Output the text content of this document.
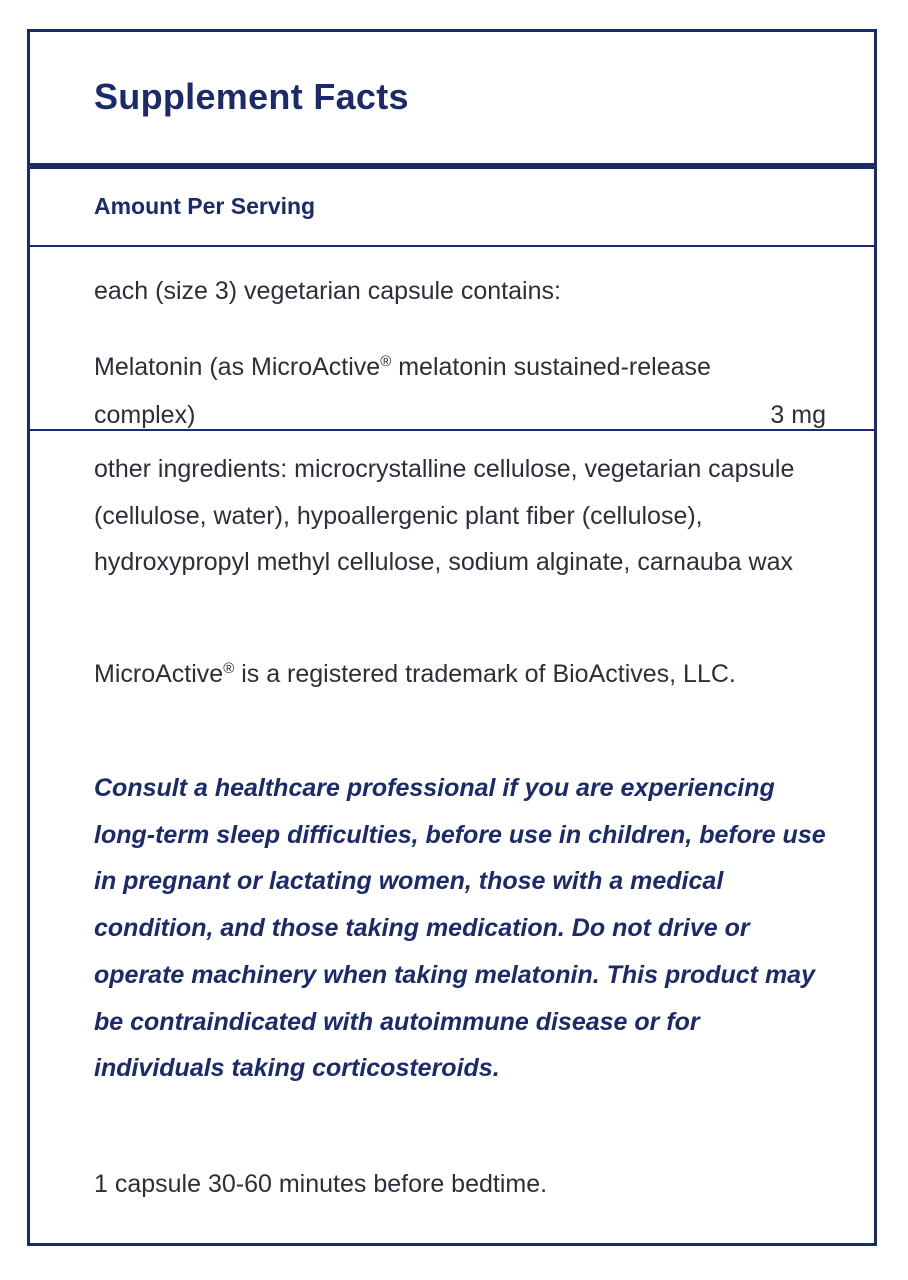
Supplement Facts
Amount Per Serving
each (size 3) vegetarian capsule contains:
Melatonin (as MicroActive® melatonin sustained-release complex)	3 mg
other ingredients: microcrystalline cellulose, vegetarian capsule (cellulose, water), hypoallergenic plant fiber (cellulose), hydroxypropyl methyl cellulose, sodium alginate, carnauba wax
MicroActive® is a registered trademark of BioActives, LLC.
Consult a healthcare professional if you are experiencing long-term sleep difficulties, before use in children, before use in pregnant or lactating women, those with a medical condition, and those taking medication. Do not drive or operate machinery when taking melatonin. This product may be contraindicated with autoimmune disease or for individuals taking corticosteroids.
1 capsule 30-60 minutes before bedtime.
